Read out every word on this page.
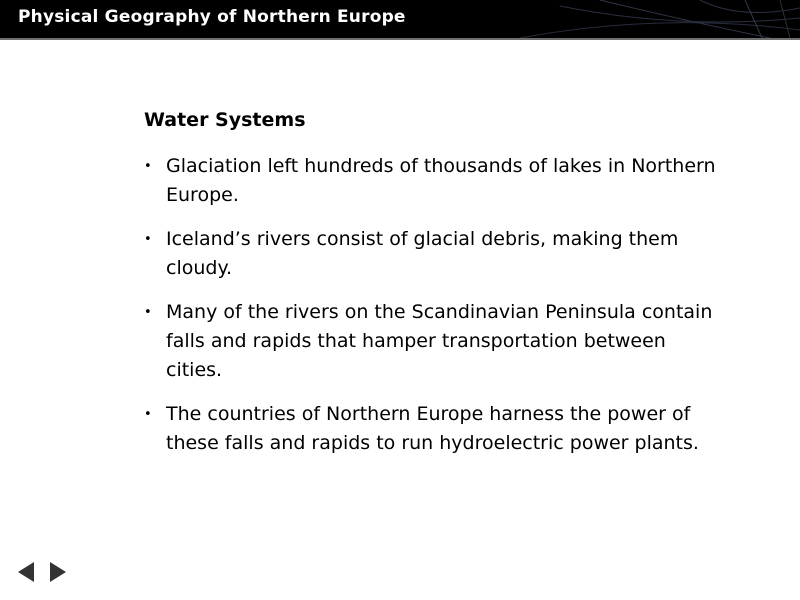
Physical Geography of Northern Europe
Water Systems
• Glaciation left hundreds of thousands of lakes in Northern Europe.
• Iceland’s rivers consist of glacial debris, making them cloudy.
• Many of the rivers on the Scandinavian Peninsula contain falls and rapids that hamper transportation between cities.
• The countries of Northern Europe harness the power of these falls and rapids to run hydroelectric power plants.
